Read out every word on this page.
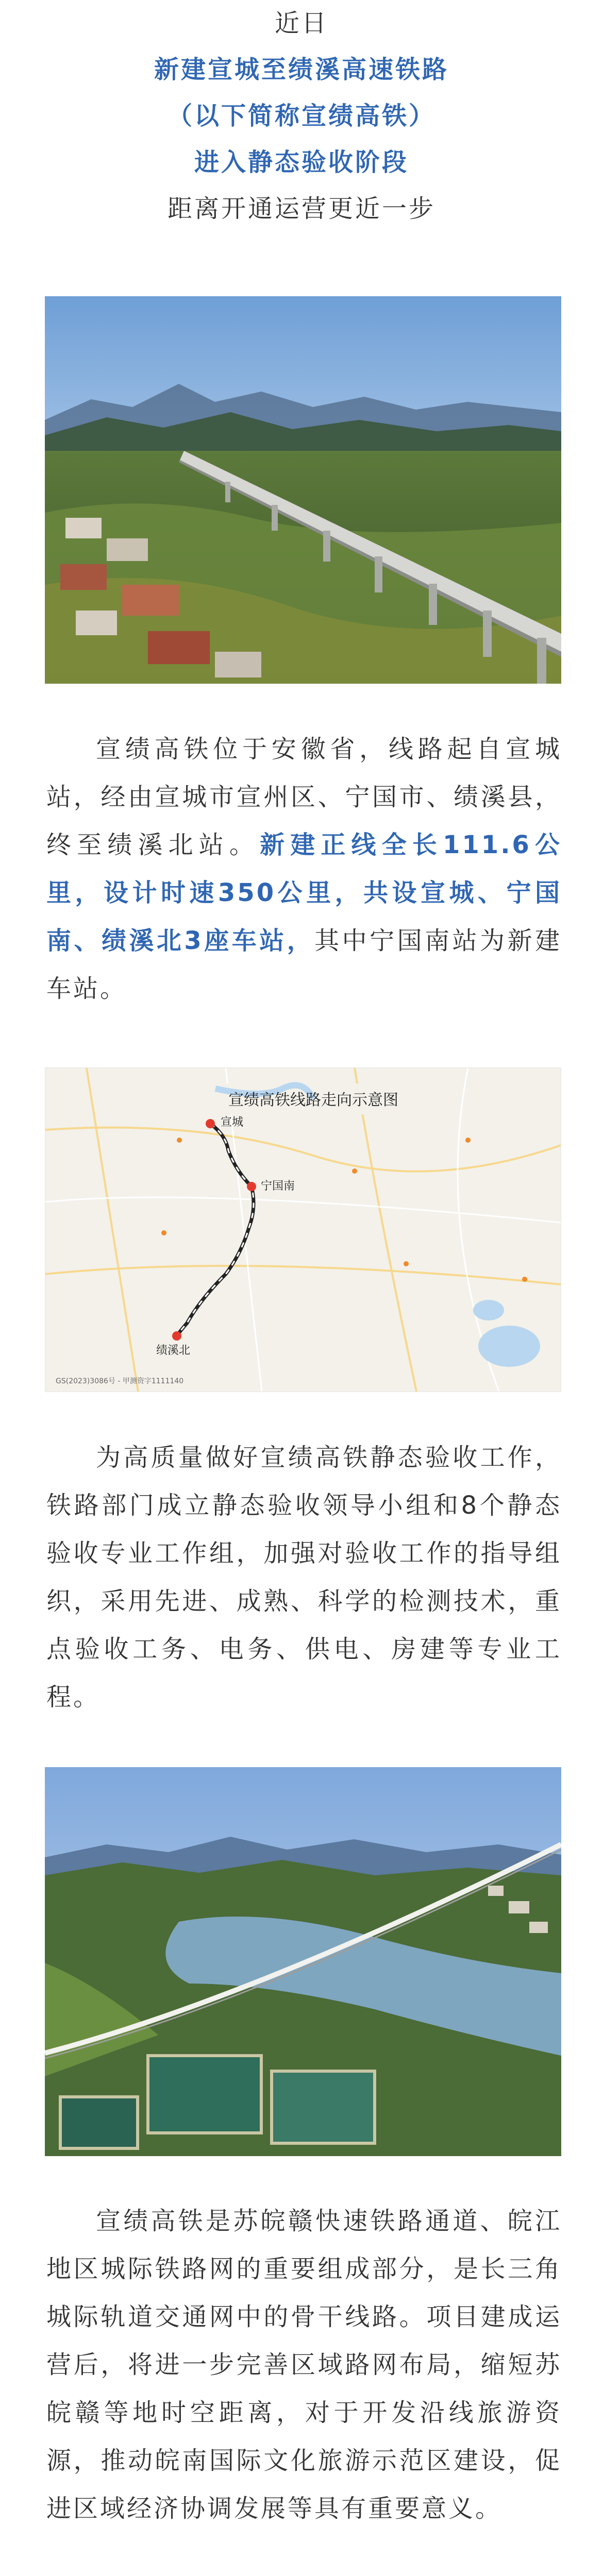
近日
新建宣城至绩溪高速铁路
（以下简称宣绩高铁）
进入静态验收阶段
距离开通运营更近一步
宣绩高铁位于安徽省，线路起自宣城站，经由宣城市宣州区、宁国市、绩溪县，终至绩溪北站。新建正线全长111.6公里，设计时速350公里，共设宣城、宁国南、绩溪北3座车站，其中宁国南站为新建车站。
宣绩高铁线路走向示意图
宣城
宁国南
绩溪北
GS(2023)3086号 - 甲测资字1111140
为高质量做好宣绩高铁静态验收工作，铁路部门成立静态验收领导小组和8个静态验收专业工作组，加强对验收工作的指导组织，采用先进、成熟、科学的检测技术，重点验收工务、电务、供电、房建等专业工程。
宣绩高铁是苏皖赣快速铁路通道、皖江地区城际铁路网的重要组成部分，是长三角城际轨道交通网中的骨干线路。项目建成运营后，将进一步完善区域路网布局，缩短苏皖赣等地时空距离，对于开发沿线旅游资源，推动皖南国际文化旅游示范区建设，促进区域经济协调发展等具有重要意义。
